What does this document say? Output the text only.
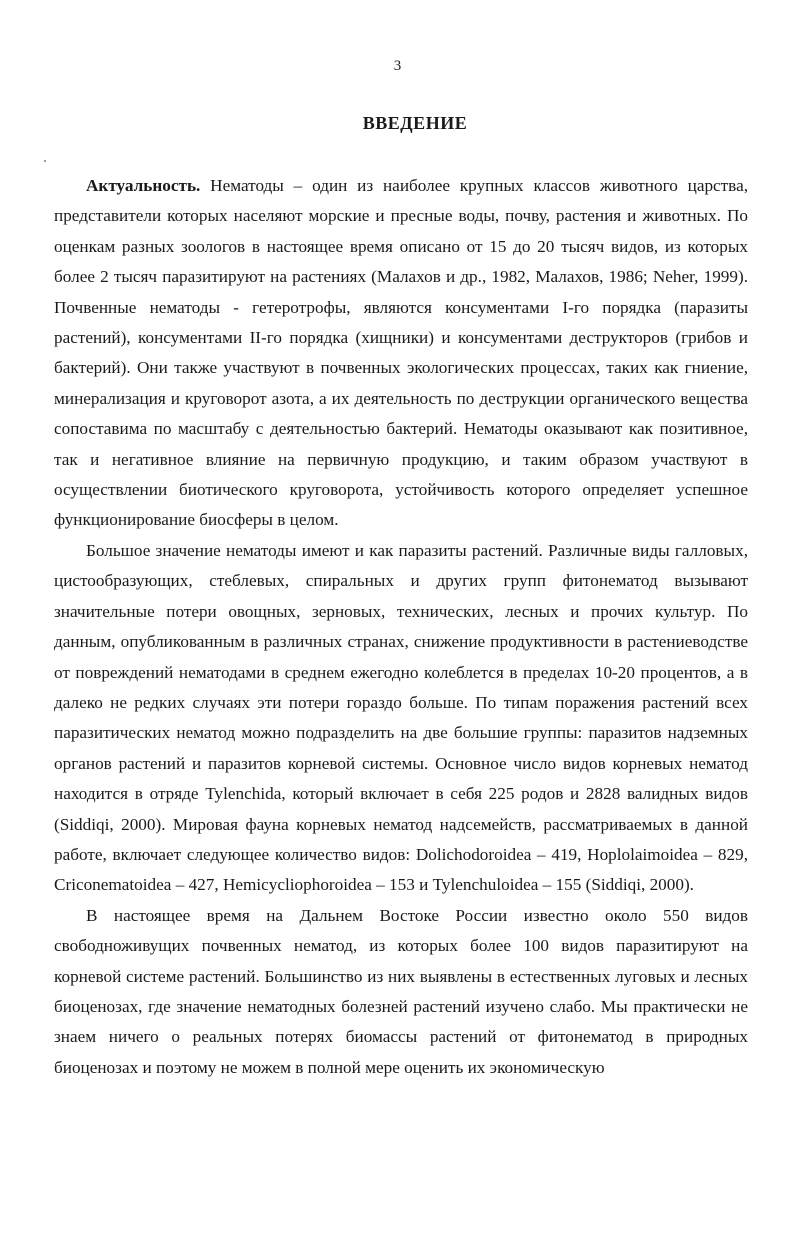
3
ВВЕДЕНИЕ

Актуальность. Нематоды – один из наиболее крупных классов животного царства, представители которых населяют морские и пресные воды, почву, растения и животных. По оценкам разных зоологов в настоящее время описано от 15 до 20 тысяч видов, из которых более 2 тысяч паразитируют на растениях (Малахов и др., 1982, Малахов, 1986; Neher, 1999). Почвенные нематоды - гетеротрофы, являются консументами I-го порядка (паразиты растений), консументами II-го порядка (хищники) и консументами деструкторов (грибов и бактерий). Они также участвуют в почвенных экологических процессах, таких как гниение, минерализация и круговорот азота, а их деятельность по деструкции органического вещества сопоставима по масштабу с деятельностью бактерий. Нематоды оказывают как позитивное, так и негативное влияние на первичную продукцию, и таким образом участвуют в осуществлении биотического круговорота, устойчивость которого определяет успешное функционирование биосферы в целом.

Большое значение нематоды имеют и как паразиты растений. Различные виды галловых, цистообразующих, стеблевых, спиральных и других групп фитонематод вызывают значительные потери овощных, зерновых, технических, лесных и прочих культур. По данным, опубликованным в различных странах, снижение продуктивности в растениеводстве от повреждений нематодами в среднем ежегодно колеблется в пределах 10-20 процентов, а в далеко не редких случаях эти потери гораздо больше. По типам поражения растений всех паразитических нематод можно подразделить на две большие группы: паразитов надземных органов растений и паразитов корневой системы. Основное число видов корневых нематод находится в отряде Tylenchida, который включает в себя 225 родов и 2828 валидных видов (Siddiqi, 2000). Мировая фауна корневых нематод надсемейств, рассматриваемых в данной работе, включает следующее количество видов: Dolichodoroidea – 419, Hoplolaimoidea – 829, Criconematoidea – 427, Hemicycliophoroidea – 153 и Tylenchuloidea – 155 (Siddiqi, 2000).

В настоящее время на Дальнем Востоке России известно около 550 видов свободноживущих почвенных нематод, из которых более 100 видов паразитируют на корневой системе растений. Большинство из них выявлены в естественных луговых и лесных биоценозах, где значение нематодных болезней растений изучено слабо. Мы практически не знаем ничего о реальных потерях биомассы растений от фитонематод в природных биоценозах и поэтому не можем в полной мере оценить их экономическую
